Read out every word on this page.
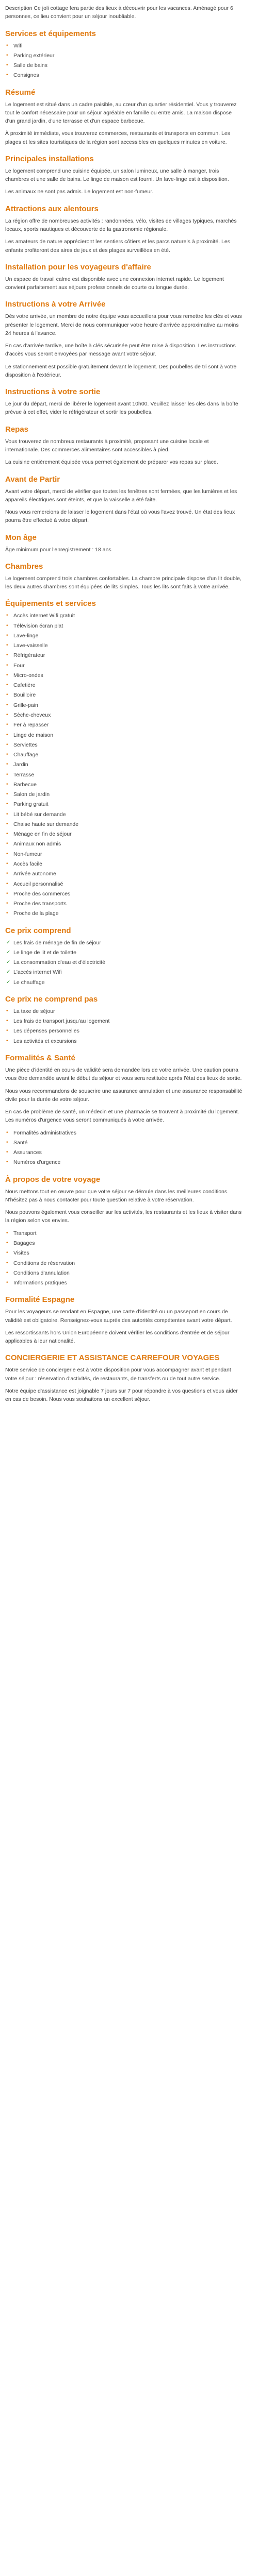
Description Ce joli cottage fera partie des lieux à découvrir pour les vacances. Aménagé pour 6 personnes, ce lieu convient pour un séjour inoubliable.

Services et équipements
• Wifi
• Parking extérieur
• Salle de bains
• Consignes
Résumé

Le logement est situé dans un cadre paisible, au cœur d'un quartier résidentiel. Vous y trouverez tout le confort nécessaire pour un séjour agréable en famille ou entre amis. La maison dispose d'un grand jardin, d'une terrasse et d'un espace barbecue.

À proximité immédiate, vous trouverez commerces, restaurants et transports en commun. Les plages et les sites touristiques de la région sont accessibles en quelques minutes en voiture.

Principales installations

Le logement comprend une cuisine équipée, un salon lumineux, une salle à manger, trois chambres et une salle de bains. Le linge de maison est fourni. Un lave-linge est à disposition.

Les animaux ne sont pas admis. Le logement est non-fumeur.

Attractions aux alentours

La région offre de nombreuses activités : randonnées, vélo, visites de villages typiques, marchés locaux, sports nautiques et découverte de la gastronomie régionale.

Les amateurs de nature apprécieront les sentiers côtiers et les parcs naturels à proximité. Les enfants profiteront des aires de jeux et des plages surveillées en été.

Installation pour les voyageurs d'affaire

Un espace de travail calme est disponible avec une connexion internet rapide. Le logement convient parfaitement aux séjours professionnels de courte ou longue durée.

Instructions à votre Arrivée

Dès votre arrivée, un membre de notre équipe vous accueillera pour vous remettre les clés et vous présenter le logement. Merci de nous communiquer votre heure d'arrivée approximative au moins 24 heures à l'avance.

En cas d'arrivée tardive, une boîte à clés sécurisée peut être mise à disposition. Les instructions d'accès vous seront envoyées par message avant votre séjour.

Le stationnement est possible gratuitement devant le logement. Des poubelles de tri sont à votre disposition à l'extérieur.

Instructions à votre sortie

Le jour du départ, merci de libérer le logement avant 10h00. Veuillez laisser les clés dans la boîte prévue à cet effet, vider le réfrigérateur et sortir les poubelles.

Repas

Vous trouverez de nombreux restaurants à proximité, proposant une cuisine locale et internationale. Des commerces alimentaires sont accessibles à pied.

La cuisine entièrement équipée vous permet également de préparer vos repas sur place.

Avant de Partir

Avant votre départ, merci de vérifier que toutes les fenêtres sont fermées, que les lumières et les appareils électriques sont éteints, et que la vaisselle a été faite.

Nous vous remercions de laisser le logement dans l'état où vous l'avez trouvé. Un état des lieux pourra être effectué à votre départ.

Mon âge

Âge minimum pour l'enregistrement : 18 ans

Chambres

Le logement comprend trois chambres confortables. La chambre principale dispose d'un lit double, les deux autres chambres sont équipées de lits simples. Tous les lits sont faits à votre arrivée.

Équipements et services
• Accès internet Wifi gratuit
• Télévision écran plat
• Lave-linge
• Lave-vaisselle
• Réfrigérateur
• Four
• Micro-ondes
• Cafetière
• Bouilloire
• Grille-pain
• Sèche-cheveux
• Fer à repasser
• Linge de maison
• Serviettes
• Chauffage
• Jardin
• Terrasse
• Barbecue
• Salon de jardin
• Parking gratuit
• Lit bébé sur demande
• Chaise haute sur demande
• Ménage en fin de séjour
• Animaux non admis
• Non-fumeur
• Accès facile
• Arrivée autonome
• Accueil personnalisé
• Proche des commerces
• Proche des transports
• Proche de la plage
Ce prix comprend
✓ Les frais de ménage de fin de séjour
✓ Le linge de lit et de toilette
✓ La consommation d'eau et d'électricité
✓ L'accès internet Wifi
✓ Le chauffage
Ce prix ne comprend pas
• La taxe de séjour
• Les frais de transport jusqu'au logement
• Les dépenses personnelles
• Les activités et excursions
Formalités & Santé

Une pièce d'identité en cours de validité sera demandée lors de votre arrivée. Une caution pourra vous être demandée avant le début du séjour et vous sera restituée après l'état des lieux de sortie.

Nous vous recommandons de souscrire une assurance annulation et une assurance responsabilité civile pour la durée de votre séjour.

En cas de problème de santé, un médecin et une pharmacie se trouvent à proximité du logement. Les numéros d'urgence vous seront communiqués à votre arrivée.

• Formalités administratives
• Santé
• Assurances
• Numéros d'urgence
À propos de votre voyage

Nous mettons tout en œuvre pour que votre séjour se déroule dans les meilleures conditions. N'hésitez pas à nous contacter pour toute question relative à votre réservation.

Nous pouvons également vous conseiller sur les activités, les restaurants et les lieux à visiter dans la région selon vos envies.

• Transport
• Bagages
• Visites
• Conditions de réservation
• Conditions d'annulation
• Informations pratiques
Formalité Espagne

Pour les voyageurs se rendant en Espagne, une carte d'identité ou un passeport en cours de validité est obligatoire. Renseignez-vous auprès des autorités compétentes avant votre départ.

Les ressortissants hors Union Européenne doivent vérifier les conditions d'entrée et de séjour applicables à leur nationalité.

CONCIERGERIE ET ASSISTANCE CARREFOUR VOYAGES

Notre service de conciergerie est à votre disposition pour vous accompagner avant et pendant votre séjour : réservation d'activités, de restaurants, de transferts ou de tout autre service.

Notre équipe d'assistance est joignable 7 jours sur 7 pour répondre à vos questions et vous aider en cas de besoin. Nous vous souhaitons un excellent séjour.
